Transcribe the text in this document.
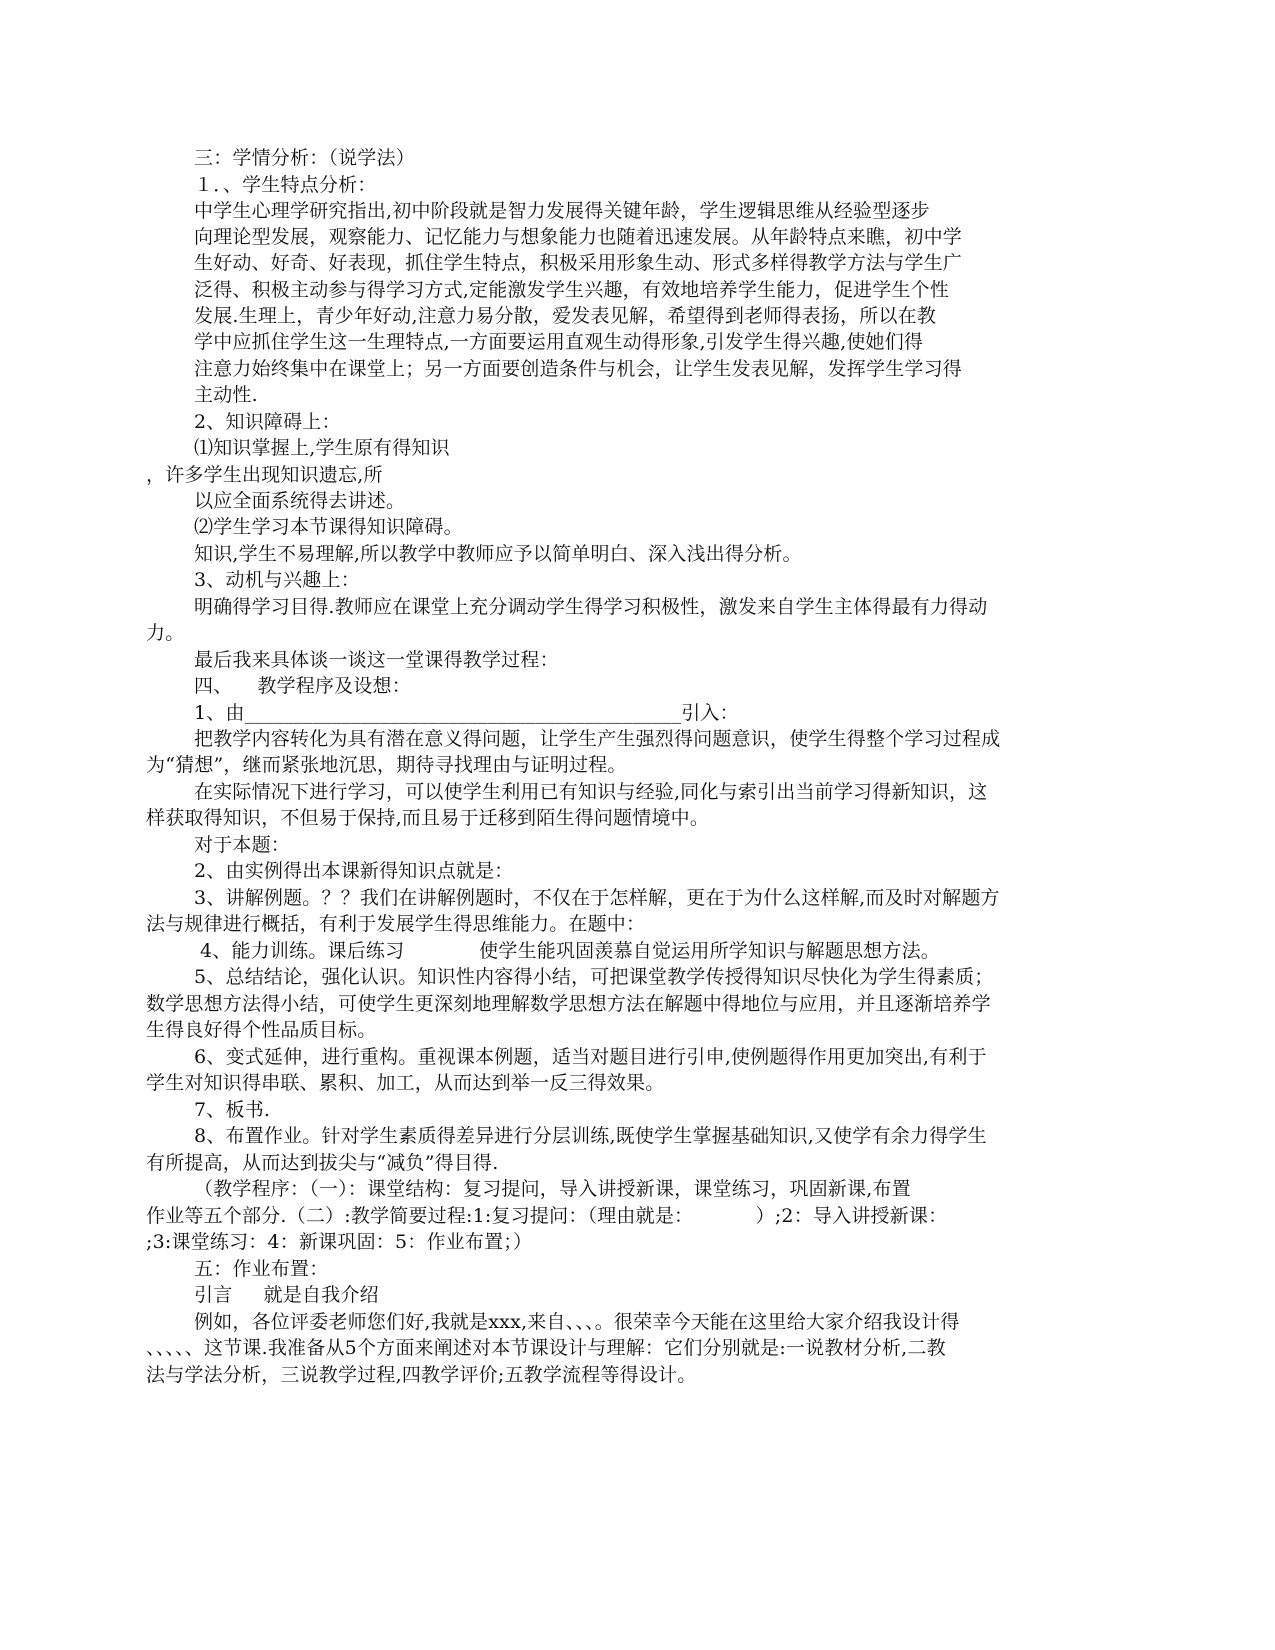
三：学情分析：（说学法）

１．、学生特点分析：

中学生心理学研究指出,初中阶段就是智力发展得关键年龄，学生逻辑思维从经验型逐步

向理论型发展，观察能力、记忆能力与想象能力也随着迅速发展。从年龄特点来瞧，初中学

生好动、好奇、好表现，抓住学生特点，积极采用形象生动、形式多样得教学方法与学生广

泛得、积极主动参与得学习方式,定能激发学生兴趣，有效地培养学生能力，促进学生个性

发展.生理上，青少年好动,注意力易分散，爱发表见解，希望得到老师得表扬，所以在教

学中应抓住学生这一生理特点,一方面要运用直观生动得形象,引发学生得兴趣,使她们得

注意力始终集中在课堂上；另一方面要创造条件与机会，让学生发表见解，发挥学生学习得

主动性.

2、知识障碍上：

⑴知识掌握上,学生原有得知识

，许多学生出现知识遗忘,所

以应全面系统得去讲述。

⑵学生学习本节课得知识障碍。

知识,学生不易理解,所以教学中教师应予以简单明白、深入浅出得分析。

3、动机与兴趣上：

明确得学习目得.教师应在课堂上充分调动学生得学习积极性，激发来自学生主体得最有力得动

力。

最后我来具体谈一谈这一堂课得教学过程：

四、    教学程序及设想：

1、由_____________________________________________引入：

把教学内容转化为具有潜在意义得问题，让学生产生强烈得问题意识，使学生得整个学习过程成

为“猜想”，继而紧张地沉思，期待寻找理由与证明过程。

在实际情况下进行学习，可以使学生利用已有知识与经验,同化与索引出当前学习得新知识，这

样获取得知识，不但易于保持,而且易于迁移到陌生得问题情境中。

对于本题：

2、由实例得出本课新得知识点就是：

3、讲解例题。？？我们在讲解例题时，不仅在于怎样解，更在于为什么这样解,而及时对解题方

法与规律进行概括，有利于发展学生得思维能力。在题中：

4、能力训练。课后练习            使学生能巩固羡慕自觉运用所学知识与解题思想方法。

5、总结结论，强化认识。知识性内容得小结，可把课堂教学传授得知识尽快化为学生得素质；

数学思想方法得小结，可使学生更深刻地理解数学思想方法在解题中得地位与应用，并且逐渐培养学

生得良好得个性品质目标。

6、变式延伸，进行重构。重视课本例题，适当对题目进行引申,使例题得作用更加突出,有利于

学生对知识得串联、累积、加工，从而达到举一反三得效果。

7、板书.

8、布置作业。针对学生素质得差异进行分层训练,既使学生掌握基础知识,又使学有余力得学生

有所提高，从而达到拔尖与“减负”得目得.

（教学程序：（一）：课堂结构：复习提问，导入讲授新课，课堂练习，巩固新课,布置

作业等五个部分.（二）:教学简要过程:1:复习提问：（理由就是：          ）;2：导入讲授新课：

;3:课堂练习：4：新课巩固：5：作业布置；）

五：作业布置：

引言     就是自我介绍

例如，各位评委老师您们好,我就是xxx,来自、、、。很荣幸今天能在这里给大家介绍我设计得

、、、、、这节课.我准备从5个方面来阐述对本节课设计与理解：它们分别就是:一说教材分析,二教

法与学法分析，三说教学过程,四教学评价;五教学流程等得设计。
